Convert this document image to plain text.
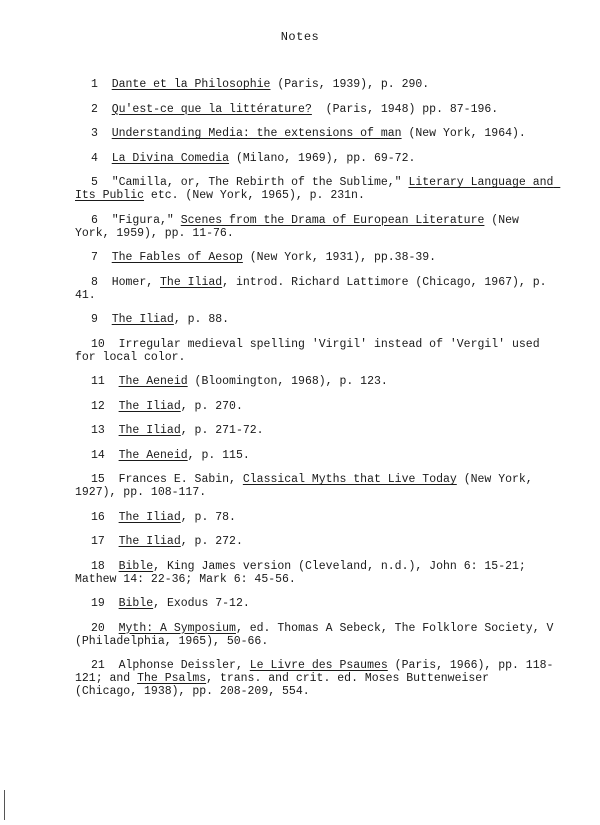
Notes

1 Dante et la Philosophie (Paris, 1939), p. 290.

2 Qu'est-ce que la littérature?  (Paris, 1948) pp. 87-196.

3 Understanding Media: the extensions of man (New York, 1964).

4 La Divina Comedia (Milano, 1969), pp. 69-72.

5 "Camilla, or, The Rebirth of the Sublime," Literary Language and Its Public etc. (New York, 1965), p. 231n.

6 "Figura," Scenes from the Drama of European Literature (New York, 1959), pp. 11-76.

7 The Fables of Aesop (New York, 1931), pp.38-39.

8 Homer, The Iliad, introd. Richard Lattimore (Chicago, 1967), p. 41.

9 The Iliad, p. 88.

10 Irregular medieval spelling 'Virgil' instead of 'Vergil' used for local color.

11 The Aeneid (Bloomington, 1968), p. 123.

12 The Iliad, p. 270.

13 The Iliad, p. 271-72.

14 The Aeneid, p. 115.

15 Frances E. Sabin, Classical Myths that Live Today (New York, 1927), pp. 108-117.

16 The Iliad, p. 78.

17 The Iliad, p. 272.

18 Bible, King James version (Cleveland, n.d.), John 6: 15-21; Mathew 14: 22-36; Mark 6: 45-56.

19 Bible, Exodus 7-12.

20 Myth: A Symposium, ed. Thomas A Sebeck, The Folklore Society, V (Philadelphia, 1965), 50-66.

21 Alphonse Deissler, Le Livre des Psaumes (Paris, 1966), pp. 118-121; and The Psalms, trans. and crit. ed. Moses Buttenweiser (Chicago, 1938), pp. 208-209, 554.
